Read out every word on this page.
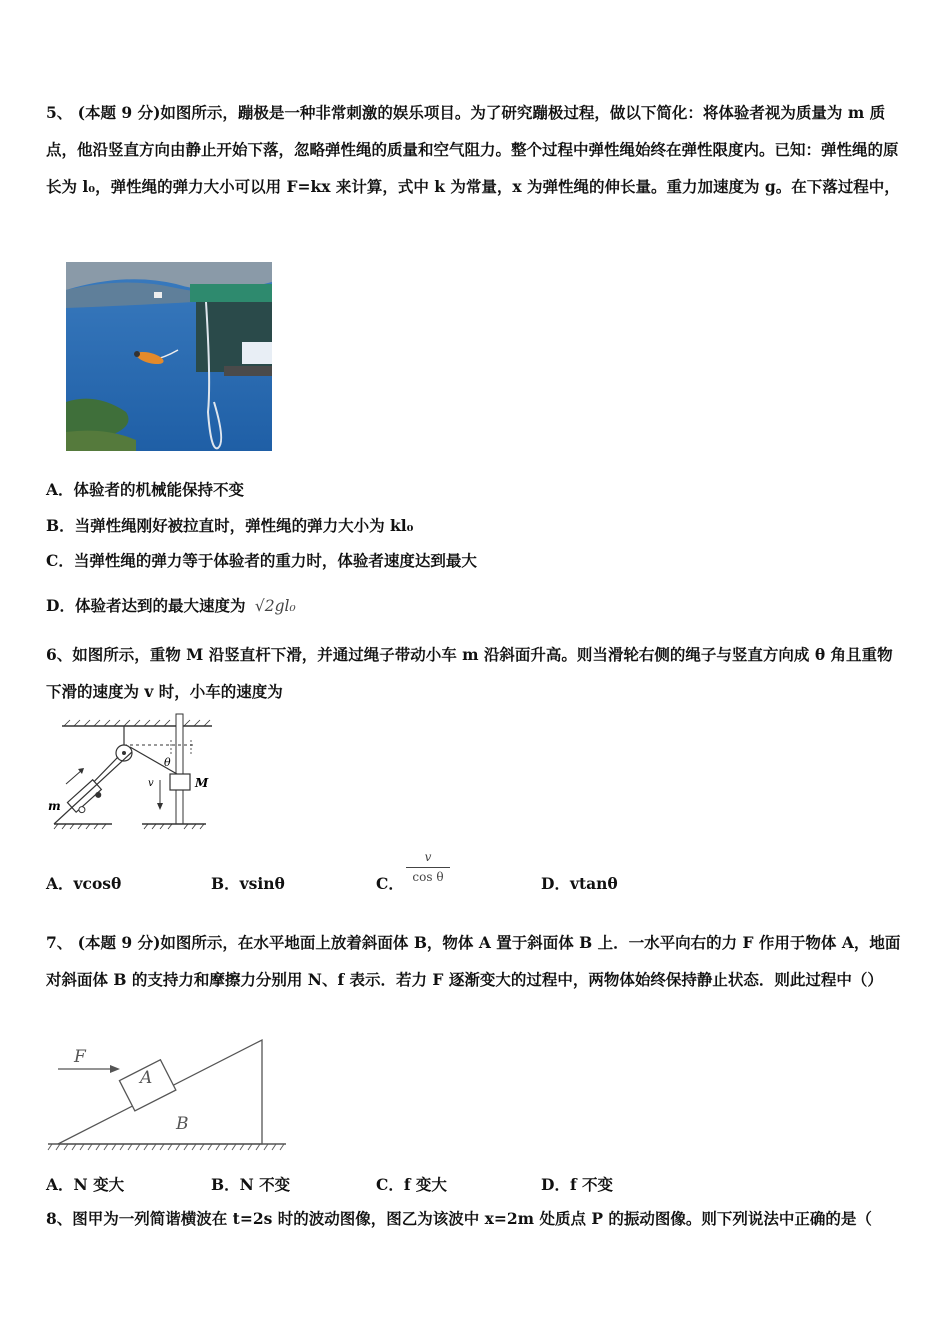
5、 (本题 9 分)如图所示，蹦极是一种非常刺激的娱乐项目。为了研究蹦极过程，做以下简化：将体验者视为质量为 m 质点，他沿竖直方向由静止开始下落，忽略弹性绳的质量和空气阻力。整个过程中弹性绳始终在弹性限度内。已知：弹性绳的原长为 l₀，弹性绳的弹力大小可以用 F=kx 来计算，式中 k 为常量，x 为弹性绳的伸长量。重力加速度为 g。在下落过程中，
A．体验者的机械能保持不变
B．当弹性绳刚好被拉直时，弹性绳的弹力大小为 kl₀
C．当弹性绳的弹力等于体验者的重力时，体验者速度达到最大
D．体验者达到的最大速度为 √2gl₀
6、如图所示，重物 M 沿竖直杆下滑，并通过绳子带动小车 m 沿斜面升高。则当滑轮右侧的绳子与竖直方向成 θ 角且重物下滑的速度为 v 时，小车的速度为
θ
v	M
m
A．vcosθ	B．vsinθ	C． $\frac{v}{\text{cos θ}}$	D．vtanθ
7、 (本题 9 分)如图所示，在水平地面上放着斜面体 B，物体 A 置于斜面体 B 上．一水平向右的力 F 作用于物体 A，地面对斜面体 B 的支持力和摩擦力分别用 N、f 表示．若力 F 逐渐变大的过程中，两物体始终保持静止状态．则此过程中（）
F
A
B
A．N 变大	B．N 不变	C．f 变大	D．f 不变
8、图甲为一列简谐横波在 t=2s 时的波动图像，图乙为该波中 x=2m 处质点 P 的振动图像。则下列说法中正确的是（
